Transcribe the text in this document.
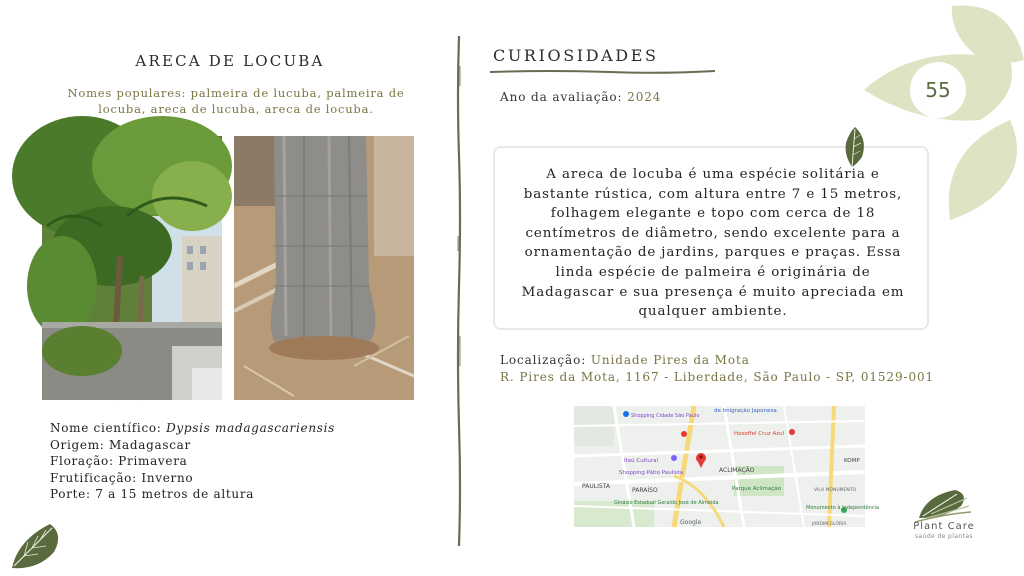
ARECA DE LOCUBA
Nomes populares: palmeira de lucuba, palmeira de locuba, areca de lucuba, areca de locuba.
Nome científico: Dypsis madagascariensis
Origem: Madagascar
Floração: Primavera
Frutificação: Inverno
Porte: 7 a 15 metros de altura
CURIOSIDADES
Ano da avaliação: 2024

A areca de locuba é uma espécie solitária e bastante rústica, com altura entre 7 e 15 metros, folhagem elegante e topo com cerca de 18 centímetros de diâmetro, sendo excelente para a ornamentação de jardins, parques e praças. Essa linda espécie de palmeira é originária de Madagascar e sua presença é muito apreciada em qualquer ambiente.

Localização: Unidade Pires da Mota
R. Pires da Mota, 1167 - Liberdade, São Paulo - SP, 01529-001
de Imigração Japonesa
Shopping Cidade São Paulo
Hoxoffel Cruz Azul
Itaú Cultural
Shopping Pátio Paulista	ACLIMAÇÃO
PAULISTA
PARAÍSO
Ginásio Estadual Geraldo José de Almeida
Parque Aclimação	VILA MONUMENTO
Monumento à Independência
JARDIM GLÓRIA
Google
KOMP
55
Plant Care
saúde de plantas
